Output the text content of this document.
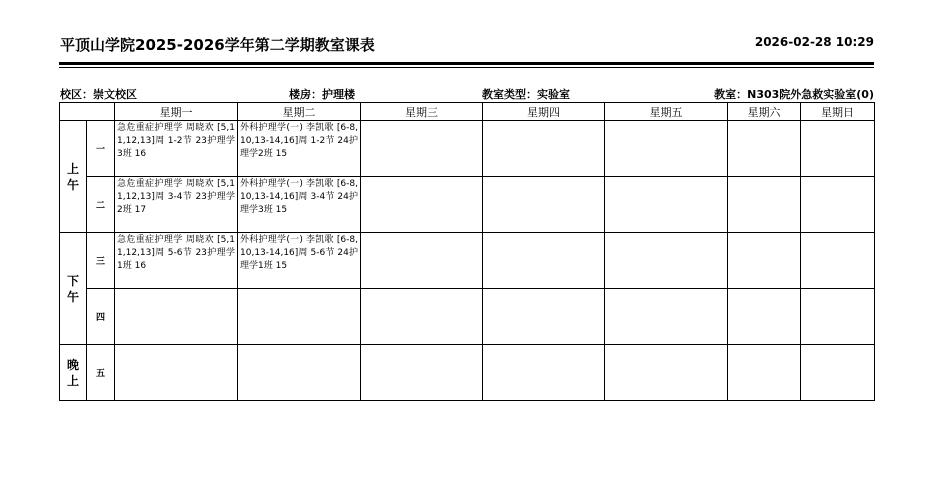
平顶山学院2025-2026学年第二学期教室课表	2026-02-28 10:29
校区：崇文校区	楼房：护理楼	教室类型：实验室	教室：N303院外急救实验室(0)
		星期一	星期二	星期三	星期四	星期五	星期六	星期日

上
午	一	急危重症护理学 周晓欢 [5,11,12,13]周 1-2节 23护理学3班 16	外科护理学(一) 李凯歌 [6-8,10,13-14,16]周 1-2节 24护理学2班 15					
	二	急危重症护理学 周晓欢 [5,11,12,13]周 3-4节 23护理学2班 17	外科护理学(一) 李凯歌 [6-8,10,13-14,16]周 3-4节 24护理学3班 15					

下
午	三	急危重症护理学 周晓欢 [5,11,12,13]周 5-6节 23护理学1班 16	外科护理学(一) 李凯歌 [6-8,10,13-14,16]周 5-6节 24护理学1班 15					
	四							

晚
上	五							
